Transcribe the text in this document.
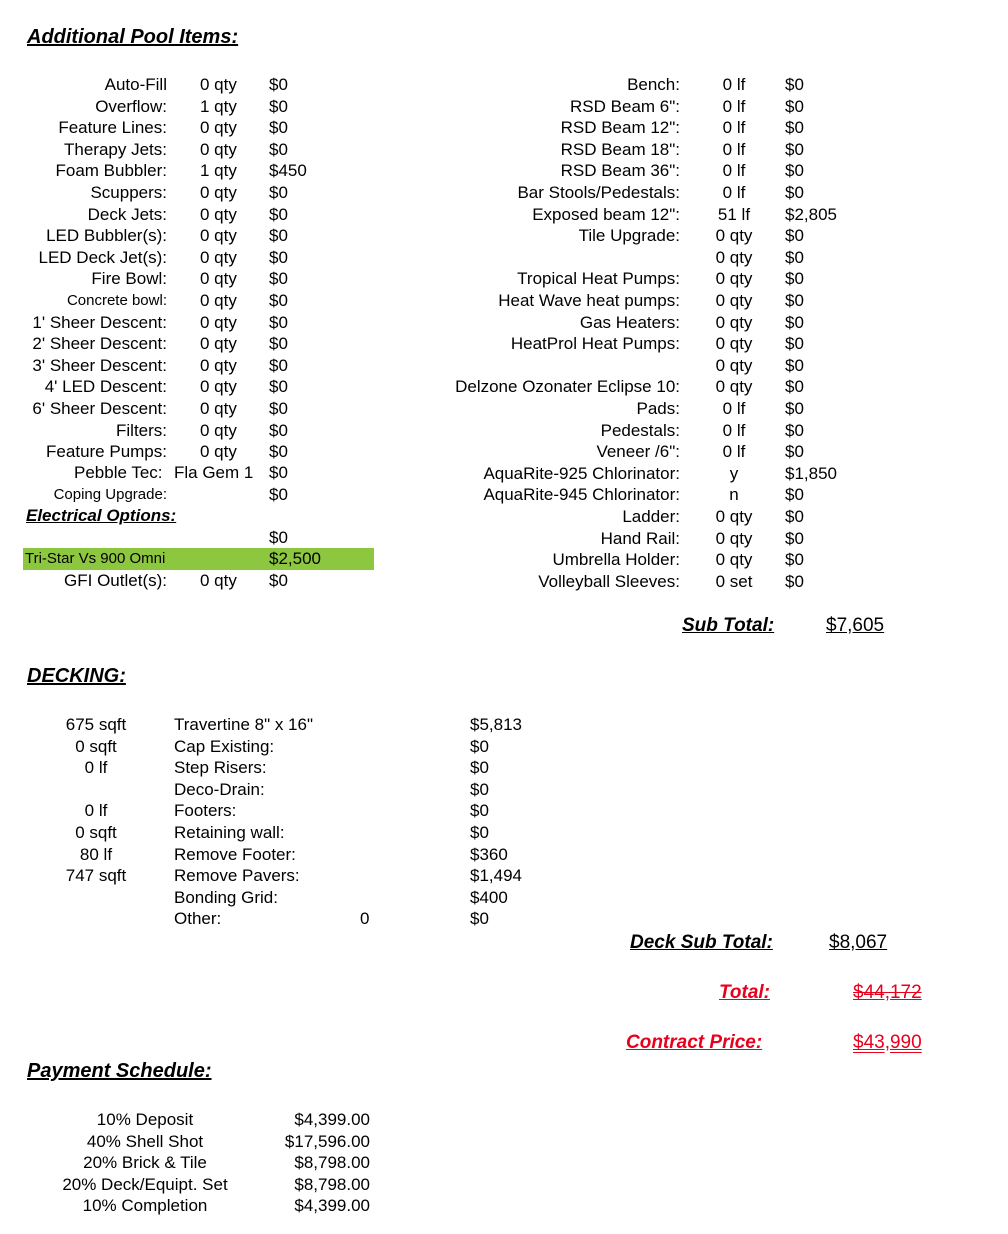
Additional Pool Items:
Auto-Fill 0 qty $0
Overflow: 1 qty $0
Feature Lines: 0 qty $0
Therapy Jets: 0 qty $0
Foam Bubbler: 1 qty $450
Scuppers: 0 qty $0
Deck Jets: 0 qty $0
LED Bubbler(s): 0 qty $0
LED Deck Jet(s): 0 qty $0
Fire Bowl: 0 qty $0
Concrete bowl: 0 qty $0
1' Sheer Descent: 0 qty $0
2' Sheer Descent: 0 qty $0
3' Sheer Descent: 0 qty $0
4' LED Descent: 0 qty $0
6' Sheer Descent: 0 qty $0
Filters: 0 qty $0
Feature Pumps: 0 qty $0
Pebble Tec: Fla Gem 1 $0
Coping Upgrade:	$0
Electrical Options:
$0
Tri-Star Vs 900 Omni	$2,500
GFI Outlet(s): 0 qty $0
Bench:	0 lf	$0
RSD Beam 6":	0 lf	$0
RSD Beam 12":	0 lf	$0
RSD Beam 18":	0 lf	$0
RSD Beam 36":	0 lf	$0
Bar Stools/Pedestals:	0 lf	$0
Exposed beam 12": 51 lf $2,805
Tile Upgrade: 0 qty $0
0 qty $0
Tropical Heat Pumps: 0 qty $0
Heat Wave heat pumps: 0 qty $0
Gas Heaters: 0 qty $0
HeatProl Heat Pumps: 0 qty $0
0 qty $0
Delzone Ozonater Eclipse 10: 0 qty $0
Pads:	0 lf	$0
Pedestals:	0 lf	$0
Veneer /6":	0 lf	$0
AquaRite-925 Chlorinator:	y	$1,850
AquaRite-945 Chlorinator:	n	$0
Ladder: 0 qty $0
Hand Rail: 0 qty $0
Umbrella Holder: 0 qty $0
Volleyball Sleeves: 0 set $0
Sub Total:	$7,605
DECKING:
675 sqft	Travertine 8" x 16"	$5,813
0 sqft	Cap Existing:	$0
0 lf	Step Risers:	$0
Deco-Drain:	$0
0 lf	Footers:	$0
0 sqft	Retaining wall:	$0
80 lf	Remove Footer:	$360
747 sqft	Remove Pavers:	$1,494
Bonding Grid:	$400
Other:	0	$0
Deck Sub Total:	$8,067
Total:	$44,172
Contract Price:	$43,990
Payment Schedule:
10% Deposit	$4,399.00
40% Shell Shot	$17,596.00
20% Brick & Tile	$8,798.00
20% Deck/Equipt. Set	$8,798.00
10% Completion	$4,399.00
